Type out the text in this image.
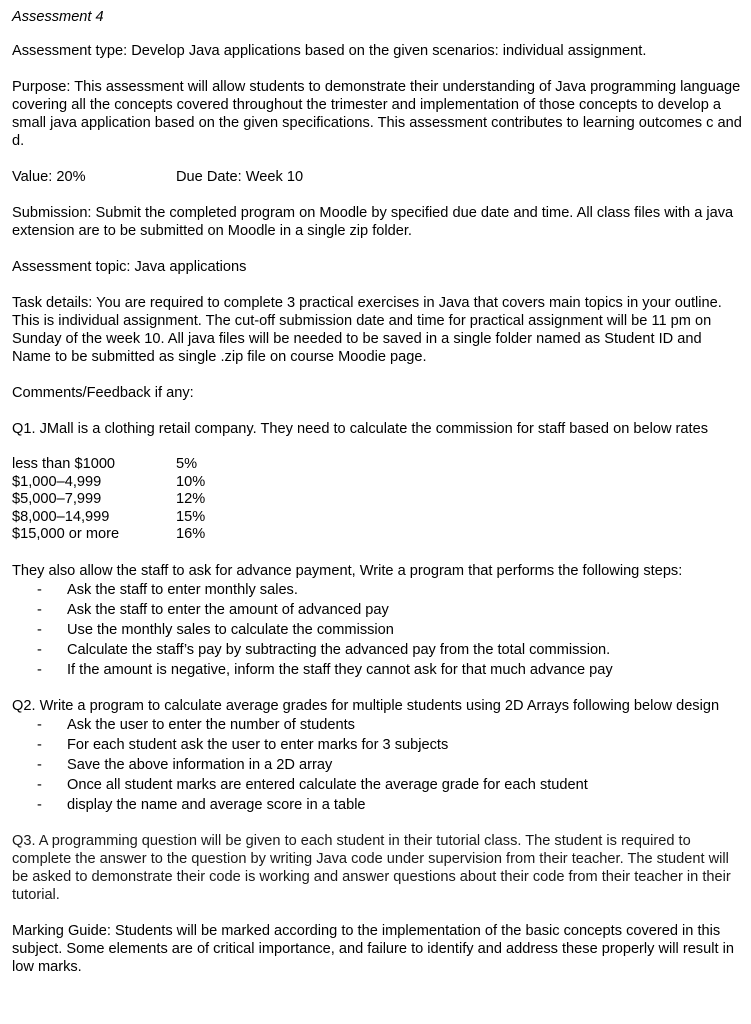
Assessment 4

Assessment type: Develop Java applications based on the given scenarios: individual assignment.

Purpose: This assessment will allow students to demonstrate their understanding of Java programming language covering all the concepts covered throughout the trimester and implementation of those concepts to develop a small java application based on the given specifications. This assessment contributes to learning outcomes c and d.

Value: 20%	Due Date: Week 10

Submission: Submit the completed program on Moodle by specified due date and time. All class files with a java extension are to be submitted on Moodle in a single zip folder.

Assessment topic: Java applications

Task details: You are required to complete 3 practical exercises in Java that covers main topics in your outline. This is individual assignment. The cut-off submission date and time for practical assignment will be 11 pm on Sunday of the week 10. All java files will be needed to be saved in a single folder named as Student ID and Name to be submitted as single .zip file on course Moodie page.

Comments/Feedback if any:

Q1. JMall is a clothing retail company. They need to calculate the commission for staff based on below rates

less than $1000	5%
$1,000–4,999	10%
$5,000–7,999	12%
$8,000–14,999	15%
$15,000 or more	16%

They also allow the staff to ask for advance payment, Write a program that performs the following steps:

- Ask the staff to enter monthly sales.
- Ask the staff to enter the amount of advanced pay
- Use the monthly sales to calculate the commission
- Calculate the staff’s pay by subtracting the advanced pay from the total commission.
- If the amount is negative, inform the staff they cannot ask for that much advance pay

Q2. Write a program to calculate average grades for multiple students using 2D Arrays following below design

- Ask the user to enter the number of students
- For each student ask the user to enter marks for 3 subjects
- Save the above information in a 2D array
- Once all student marks are entered calculate the average grade for each student
- display the name and average score in a table

Q3. A programming question will be given to each student in their tutorial class. The student is required to complete the answer to the question by writing Java code under supervision from their teacher. The student will be asked to demonstrate their code is working and answer questions about their code from their teacher in their tutorial.

Marking Guide: Students will be marked according to the implementation of the basic concepts covered in this subject. Some elements are of critical importance, and failure to identify and address these properly will result in low marks.
